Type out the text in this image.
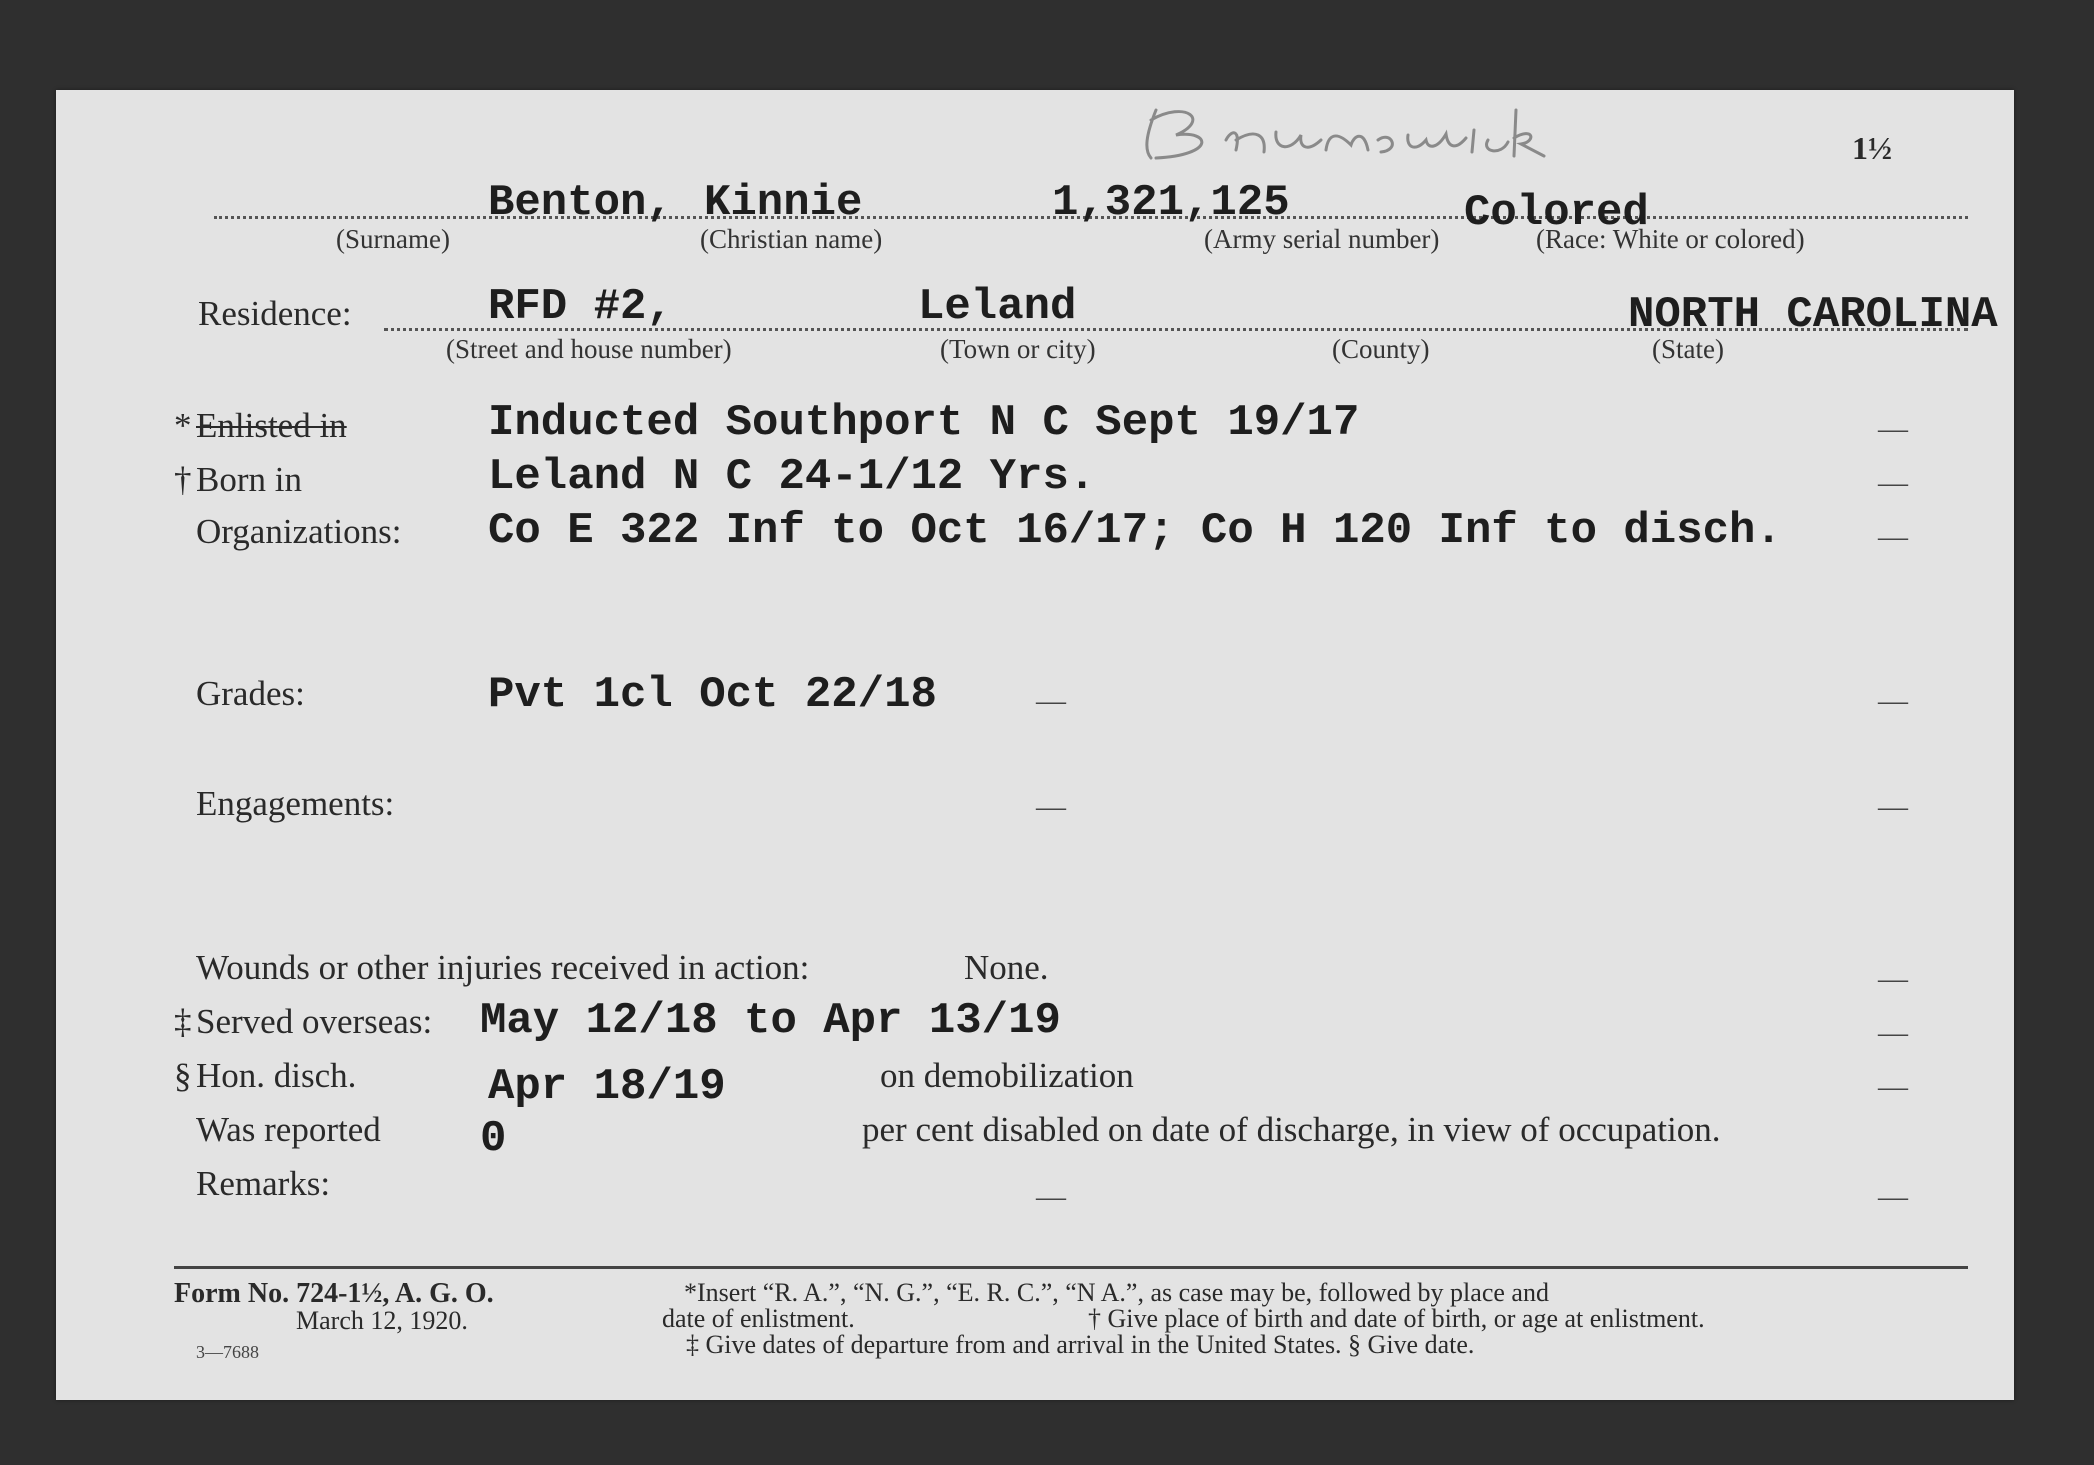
1½
Benton, Kinnie	1,321,125	Colored
(Surname)	(Christian name)	(Army serial number)	(Race: White or colored)
Residence:	RFD #2,	Leland	NORTH CAROLINA
(Street and house number)	(Town or city)	(County)	(State)
* Enlisted in	Inducted Southport N C Sept 19/17	—
† Born in	Leland N C 24-1/12 Yrs.	—
Organizations: Co E 322 Inf to Oct 16/17; Co H 120 Inf to disch.	—
Grades:	Pvt 1cl Oct 22/18	—	—
Engagements:	—	—
Wounds or other injuries received in action:	None.	—
‡ Served overseas: May 12/18 to Apr 13/19	—
§ Hon. disch.	Apr 18/19	on demobilization	—
Was reported 0	per cent disabled on date of discharge, in view of occupation.
Remarks:	—	—
Form No. 724-1½, A. G. O.
March 12, 1920.
3—7688
*Insert “R. A.”, “N. G.”, “E. R. C.”, “N A.”, as case may be, followed by place and
date of enlistment.	† Give place of birth and date of birth, or age at enlistment.
‡ Give dates of departure from and arrival in the United States. § Give date.
